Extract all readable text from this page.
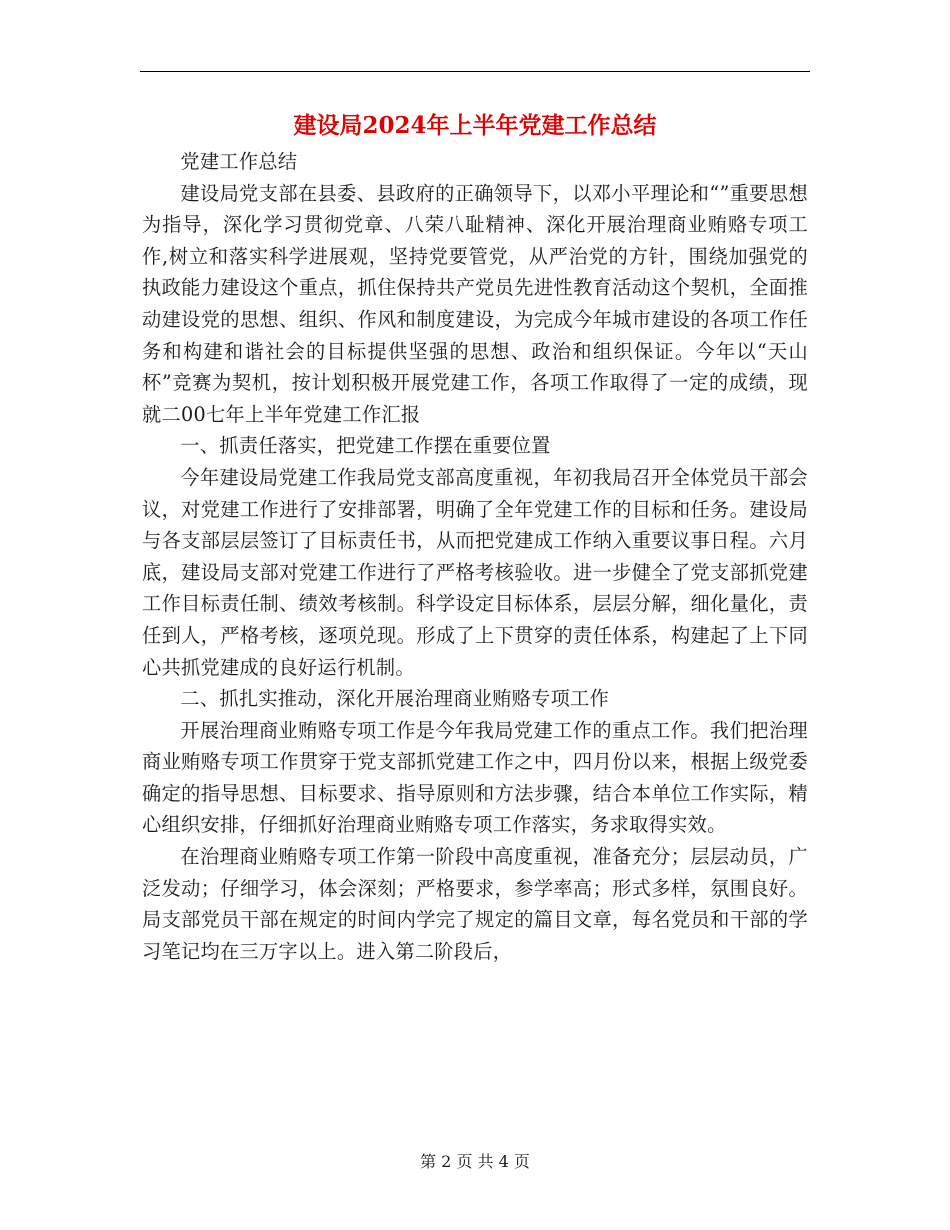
建设局2024年上半年党建工作总结

党建工作总结

建设局党支部在县委、县政府的正确领导下，以邓小平理论和“”重要思想为指导，深化学习贯彻党章、八荣八耻精神、深化开展治理商业贿赂专项工作,树立和落实科学进展观，坚持党要管党，从严治党的方针，围绕加强党的执政能力建设这个重点，抓住保持共产党员先进性教育活动这个契机，全面推动建设党的思想、组织、作风和制度建设，为完成今年城市建设的各项工作任务和构建和谐社会的目标提供坚强的思想、政治和组织保证。今年以“天山杯”竞赛为契机，按计划积极开展党建工作，各项工作取得了一定的成绩，现就二00七年上半年党建工作汇报

一、抓责任落实，把党建工作摆在重要位置

今年建设局党建工作我局党支部高度重视，年初我局召开全体党员干部会议，对党建工作进行了安排部署，明确了全年党建工作的目标和任务。建设局与各支部层层签订了目标责任书，从而把党建成工作纳入重要议事日程。六月底，建设局支部对党建工作进行了严格考核验收。进一步健全了党支部抓党建工作目标责任制、绩效考核制。科学设定目标体系，层层分解，细化量化，责任到人，严格考核，逐项兑现。形成了上下贯穿的责任体系，构建起了上下同心共抓党建成的良好运行机制。

二、抓扎实推动，深化开展治理商业贿赂专项工作

开展治理商业贿赂专项工作是今年我局党建工作的重点工作。我们把治理商业贿赂专项工作贯穿于党支部抓党建工作之中，四月份以来，根据上级党委确定的指导思想、目标要求、指导原则和方法步骤，结合本单位工作实际，精心组织安排，仔细抓好治理商业贿赂专项工作落实，务求取得实效。

在治理商业贿赂专项工作第一阶段中高度重视，准备充分；层层动员，广泛发动；仔细学习，体会深刻；严格要求，参学率高；形式多样，氛围良好。局支部党员干部在规定的时间内学完了规定的篇目文章，每名党员和干部的学习笔记均在三万字以上。进入第二阶段后，

第 2 页 共 4 页
